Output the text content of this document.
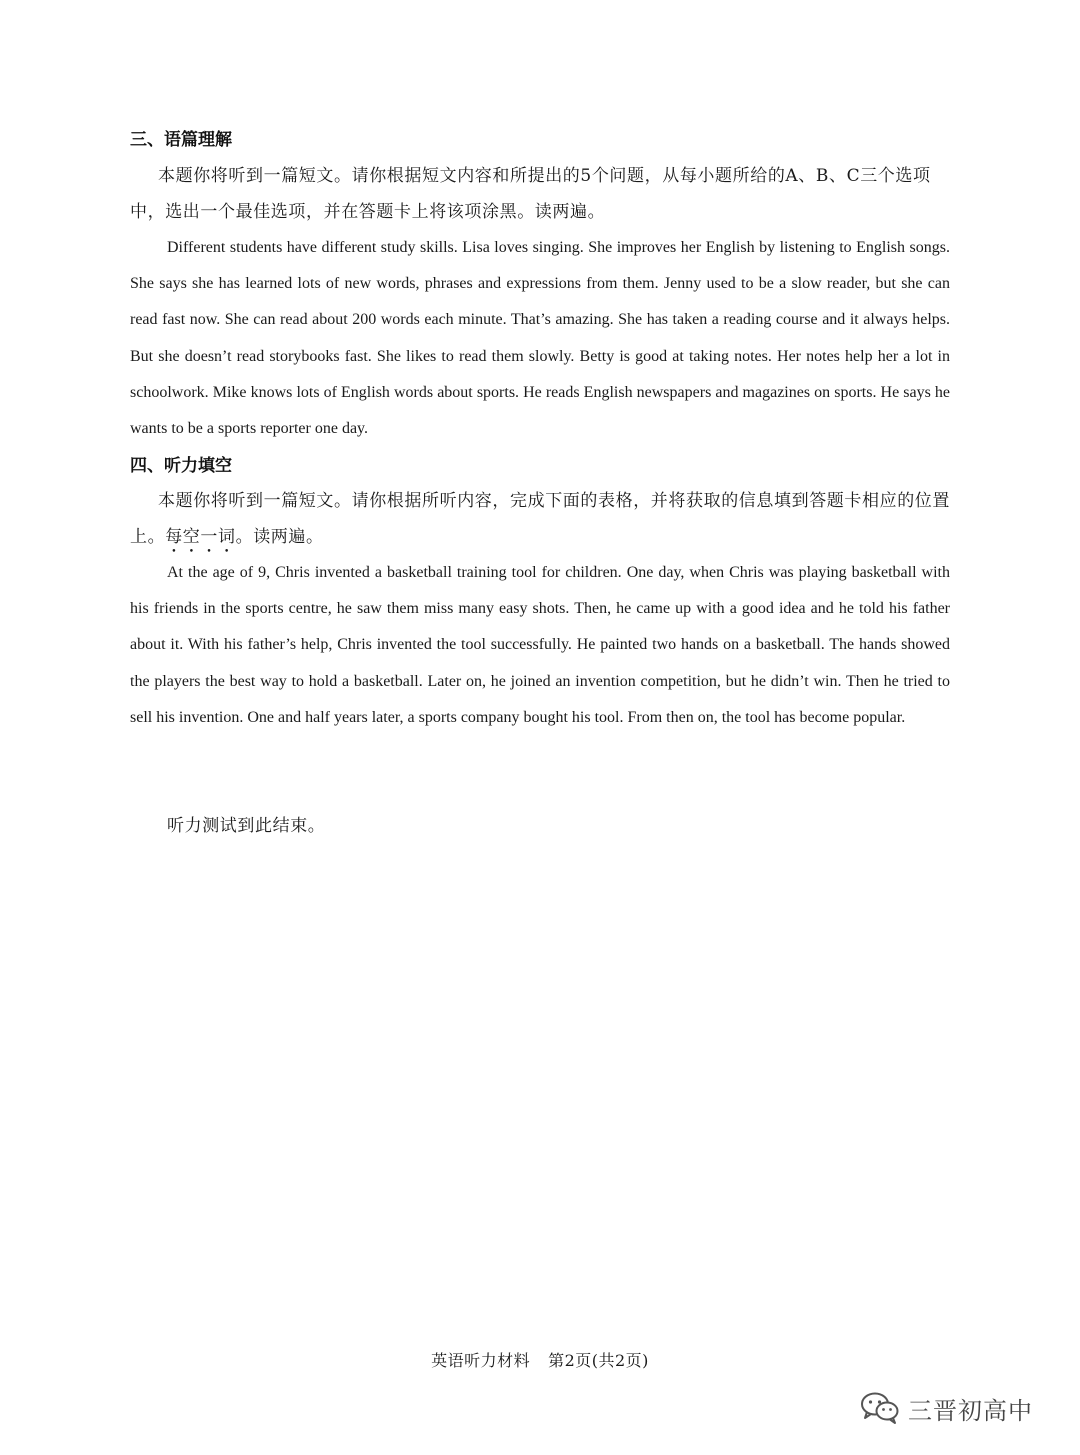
三、语篇理解

本题你将听到一篇短文。请你根据短文内容和所提出的5个问题，从每小题所给的A、B、C三个选项中，选出一个最佳选项，并在答题卡上将该项涂黑。读两遍。

Different students have different study skills. Lisa loves singing. She improves her English by listening to English songs. She says she has learned lots of new words, phrases and expressions from them. Jenny used to be a slow reader, but she can read fast now. She can read about 200 words each minute. That’s amazing. She has taken a reading course and it always helps. But she doesn’t read storybooks fast. She likes to read them slowly. Betty is good at taking notes. Her notes help her a lot in schoolwork. Mike knows lots of English words about sports. He reads English newspapers and magazines on sports. He says he wants to be a sports reporter one day.

四、听力填空

本题你将听到一篇短文。请你根据所听内容，完成下面的表格，并将获取的信息填到答题卡相应的位置上。每空一词。读两遍。

At the age of 9, Chris invented a basketball training tool for children. One day, when Chris was playing basketball with his friends in the sports centre, he saw them miss many easy shots. Then, he came up with a good idea and he told his father about it. With his father’s help, Chris invented the tool successfully. He painted two hands on a basketball. The hands showed the players the best way to hold a basketball. Later on, he joined an invention competition, but he didn’t win. Then he tried to sell his invention. One and half years later, a sports company bought his tool. From then on, the tool has become popular.

听力测试到此结束。
英语听力材料 第2页(共2页)
三晋初高中
